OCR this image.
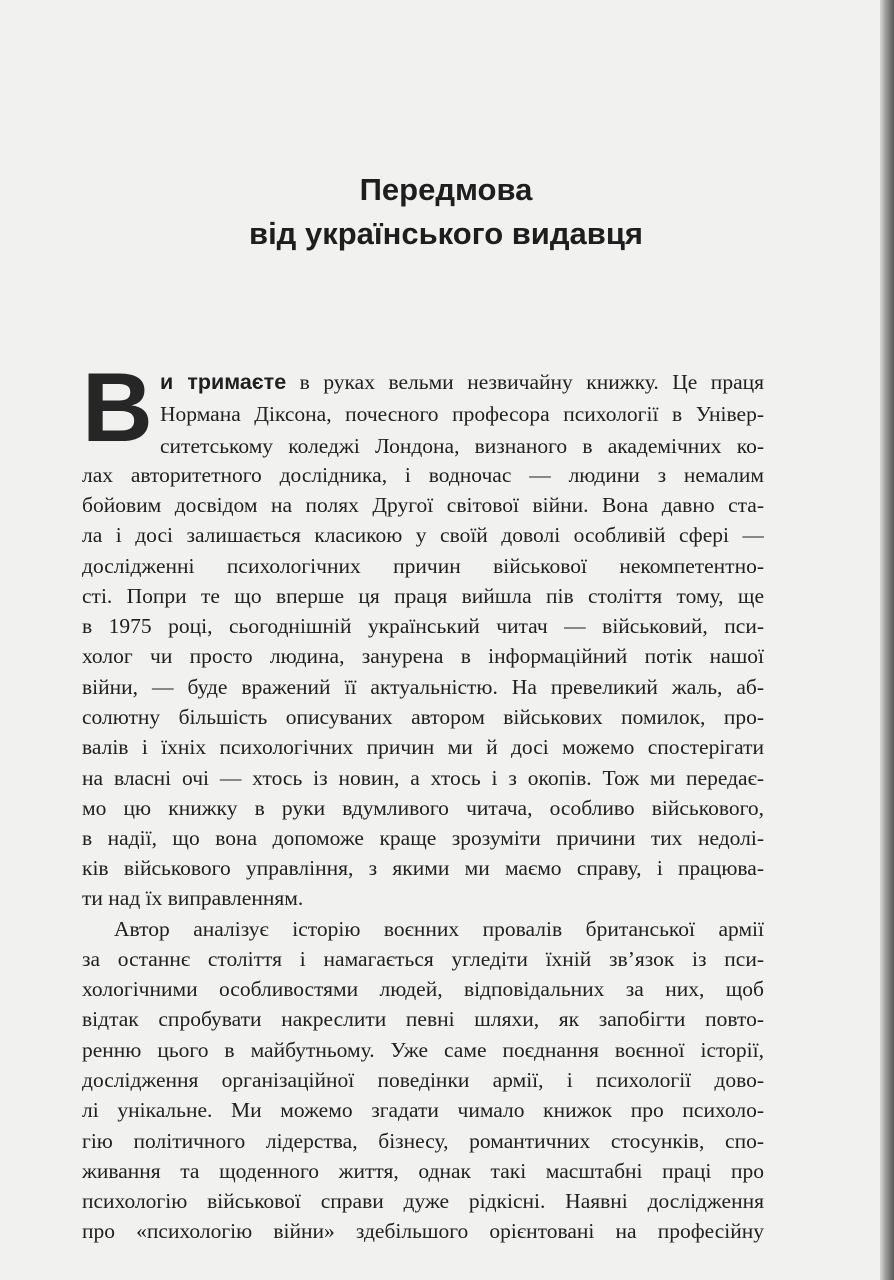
Передмова
від українського видавця
В и тримаєте в руках вельми незвичайну книжку. Це праця
Нормана Діксона, почесного професора психології в Універ-
ситетському коледжі Лондона, визнаного в академічних ко-
лах авторитетного дослідника, і водночас — людини з немалим
бойовим досвідом на полях Другої світової війни. Вона давно ста-
ла і досі залишається класикою у своїй доволі особливій сфері —
дослідженні психологічних причин військової некомпетентно-
сті. Попри те що вперше ця праця вийшла пів століття тому, ще
в 1975 році, сьогоднішній український читач — військовий, пси-
холог чи просто людина, занурена в інформаційний потік нашої
війни, — буде вражений її актуальністю. На превеликий жаль, аб-
солютну більшість описуваних автором військових помилок, про-
валів і їхніх психологічних причин ми й досі можемо спостерігати
на власні очі — хтось із новин, а хтось і з окопів. Тож ми передає-
мо цю книжку в руки вдумливого читача, особливо військового,
в надії, що вона допоможе краще зрозуміти причини тих недолі-
ків військового управління, з якими ми маємо справу, і працюва-
ти над їх виправленням.
Автор аналізує історію воєнних провалів британської армії
за останнє століття і намагається угледіти їхній зв’язок із пси-
хологічними особливостями людей, відповідальних за них, щоб
відтак спробувати накреслити певні шляхи, як запобігти повто-
ренню цього в майбутньому. Уже саме поєднання воєнної історії,
дослідження організаційної поведінки армії, і психології дово-
лі унікальне. Ми можемо згадати чимало книжок про психоло-
гію політичного лідерства, бізнесу, романтичних стосунків, спо-
живання та щоденного життя, однак такі масштабні праці про
психологію військової справи дуже рідкісні. Наявні дослідження
про «психологію війни» здебільшого орієнтовані на професійну
